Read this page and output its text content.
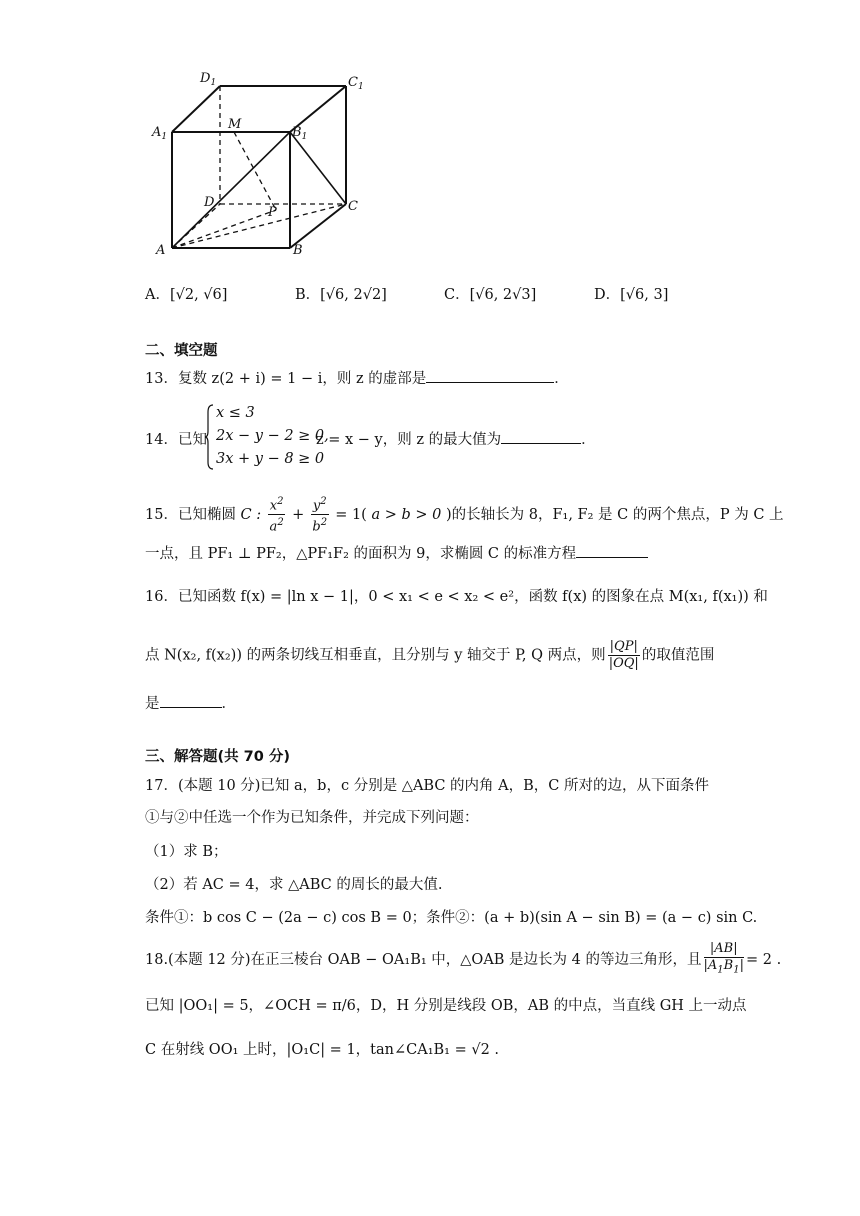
$D_1$	$C_1$
$A_1$
M
$B_1$
D
P	C
A	B
A．[√2, √6]	B．[√6, 2√2]	C．[√6, 2√3]	D．[√6, 3]
二、填空题
13．复数 z(2 + i) = 1 − i，则 z 的虚部是	．
14．已知
x ≤ 3
2x − y − 2 ≥ 0,
3x + y − 8 ≥ 0
z = x − y，则 z 的最大值为	．
15．已知椭圆 C : $\frac{x^2}{a^2} + \frac{y^2}{b^2} = 1$( a > b > 0 )的长轴长为 8，F₁, F₂ 是 C 的两个焦点，P 为 C 上
一点，且 PF₁ ⊥ PF₂，△PF₁F₂ 的面积为 9，求椭圆 C 的标准方程
16．已知函数 f(x) = |ln x − 1|，0 < x₁ < e < x₂ < e²，函数 f(x) 的图象在点 M(x₁, f(x₁)) 和
点 N(x₂, f(x₂)) 的两条切线互相垂直，且分别与 y 轴交于 P, Q 两点，则 $\frac{|QP|}{|OQ|}$ 的取值范围
是	．
三、解答题(共 70 分)
17．(本题 10 分)已知 a，b，c 分别是 △ABC 的内角 A，B，C 所对的边，从下面条件
①与②中任选一个作为已知条件，并完成下列问题：
（1）求 B；
（2）若 AC = 4，求 △ABC 的周长的最大值.
条件①：b cos C − (2a − c) cos B = 0；条件②：(a + b)(sin A − sin B) = (a − c) sin C.
18.(本题 12 分)在正三棱台 OAB − OA₁B₁ 中，△OAB 是边长为 4 的等边三角形，且 $\frac{|AB|}{|A_1B_1|} = 2$ .
已知 |OO₁| = 5，∠OCH = π/6，D，H 分别是线段 OB，AB 的中点，当直线 GH 上一动点
C 在射线 OO₁ 上时，|O₁C| = 1，tan∠CA₁B₁ = √2 .
